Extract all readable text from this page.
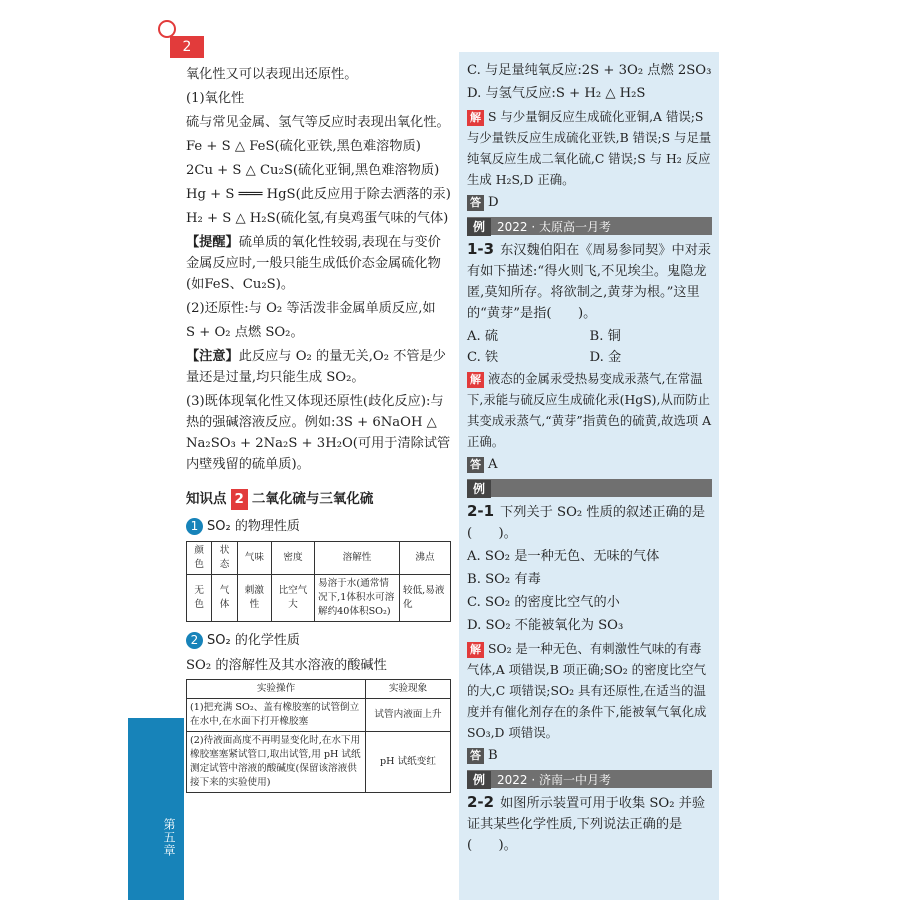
2
第五章

氧化性又可以表现出还原性。

(1)氧化性

硫与常见金属、氢气等反应时表现出氧化性。

Fe + S △ FeS(硫化亚铁,黑色难溶物质)

2Cu + S △ Cu₂S(硫化亚铜,黑色难溶物质)

Hg + S ═══ HgS(此反应用于除去洒落的汞)

H₂ + S △ H₂S(硫化氢,有臭鸡蛋气味的气体)

【提醒】硫单质的氧化性较弱,表现在与变价金属反应时,一般只能生成低价态金属硫化物(如FeS、Cu₂S)。

(2)还原性:与 O₂ 等活泼非金属单质反应,如

S + O₂ 点燃 SO₂。

【注意】此反应与 O₂ 的量无关,O₂ 不管是少量还是过量,均只能生成 SO₂。

(3)既体现氧化性又体现还原性(歧化反应):与热的强碱溶液反应。例如:3S + 6NaOH △ Na₂SO₃ + 2Na₂S + 3H₂O(可用于清除试管内壁残留的硫单质)。

知识点 2 二氧化硫与三氧化硫
1 SO₂ 的物理性质
颜色	状态	气味	密度	溶解性	沸点
无色	气体	刺激性	比空气大	易溶于水(通常情况下,1体积水可溶解约40体积SO₂)	较低,易液化
2 SO₂ 的化学性质

SO₂ 的溶解性及其水溶液的酸碱性

实验操作	实验现象
(1)把充满 SO₂、盖有橡胶塞的试管倒立在水中,在水面下打开橡胶塞	试管内液面上升
(2)待液面高度不再明显变化时,在水下用橡胶塞塞紧试管口,取出试管,用 pH 试纸测定试管中溶液的酸碱度(保留该溶液供接下来的实验使用)	pH 试纸变红

C. 与足量纯氧反应:2S + 3O₂ 点燃 2SO₃

D. 与氢气反应:S + H₂ △ H₂S

解 S 与少量铜反应生成硫化亚铜,A 错误;S 与少量铁反应生成硫化亚铁,B 错误;S 与足量纯氧反应生成二氧化硫,C 错误;S 与 H₂ 反应生成 H₂S,D 正确。

答 D

例 2022 · 太原高一月考

1-3 东汉魏伯阳在《周易参同契》中对汞有如下描述:“得火则飞,不见埃尘。鬼隐龙匿,莫知所存。将欲制之,黄芽为根。”这里的“黄芽”是指(　　)。

A. 硫	B. 铜
C. 铁	D. 金

解 液态的金属汞受热易变成汞蒸气,在常温下,汞能与硫反应生成硫化汞(HgS),从而防止其变成汞蒸气,“黄芽”指黄色的硫黄,故选项 A 正确。

答 A

例

2-1 下列关于 SO₂ 性质的叙述正确的是(　　)。

A. SO₂ 是一种无色、无味的气体

B. SO₂ 有毒

C. SO₂ 的密度比空气的小

D. SO₂ 不能被氧化为 SO₃

解 SO₂ 是一种无色、有刺激性气味的有毒气体,A 项错误,B 项正确;SO₂ 的密度比空气的大,C 项错误;SO₂ 具有还原性,在适当的温度并有催化剂存在的条件下,能被氧气氧化成 SO₃,D 项错误。

答 B

例 2022 · 济南一中月考

2-2 如图所示装置可用于收集 SO₂ 并验证其某些化学性质,下列说法正确的是(　　)。
